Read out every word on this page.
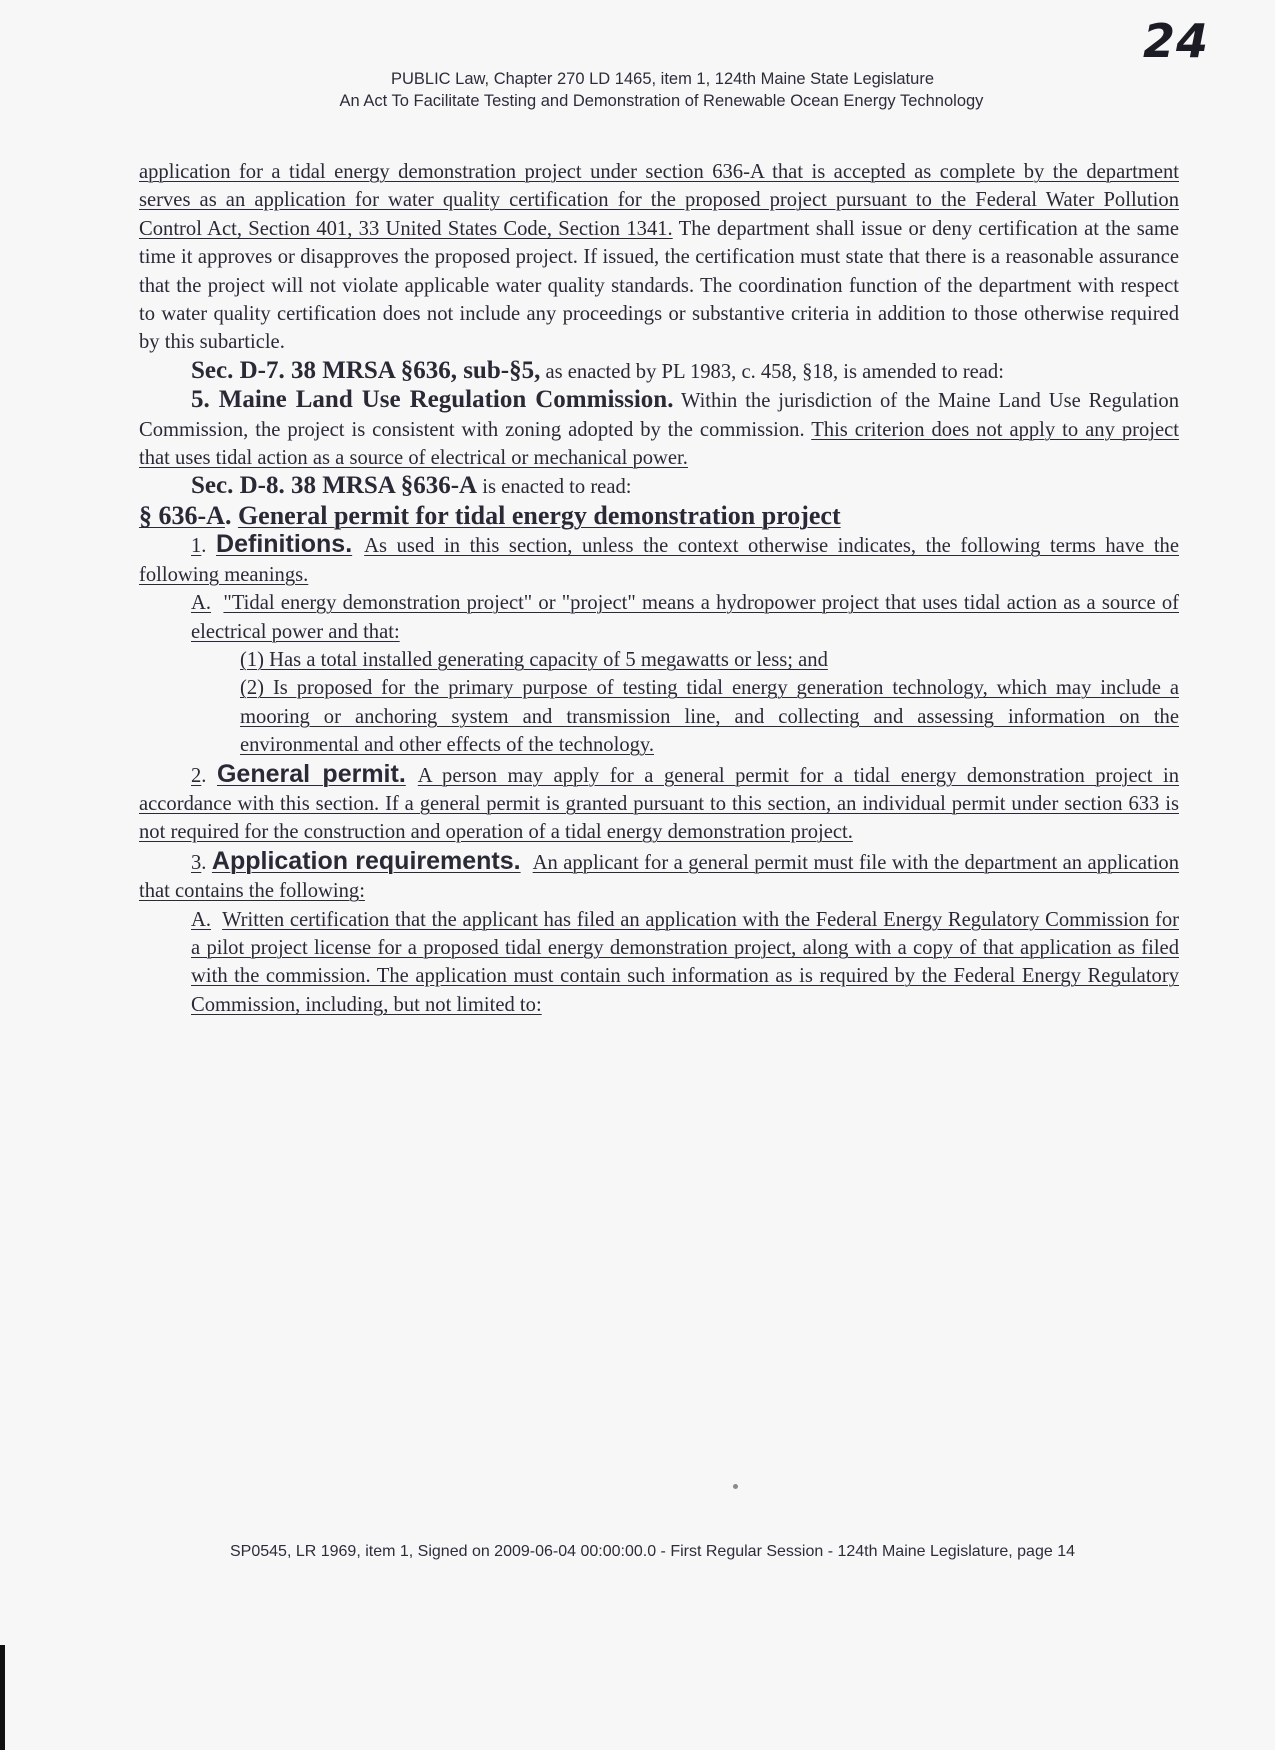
24
PUBLIC Law, Chapter 270 LD 1465, item 1, 124th Maine State Legislature
An Act To Facilitate Testing and Demonstration of Renewable Ocean Energy Technology

application for a tidal energy demonstration project under section 636-A that is accepted as complete by the department serves as an application for water quality certification for the proposed project pursuant to the Federal Water Pollution Control Act, Section 401, 33 United States Code, Section 1341. The department shall issue or deny certification at the same time it approves or disapproves the proposed project. If issued, the certification must state that there is a reasonable assurance that the project will not violate applicable water quality standards. The coordination function of the department with respect to water quality certification does not include any proceedings or substantive criteria in addition to those otherwise required by this subarticle.

Sec. D-7. 38 MRSA §636, sub-§5, as enacted by PL 1983, c. 458, §18, is amended to read:

5. Maine Land Use Regulation Commission. Within the jurisdiction of the Maine Land Use Regulation Commission, the project is consistent with zoning adopted by the commission. This criterion does not apply to any project that uses tidal action as a source of electrical or mechanical power.

Sec. D-8. 38 MRSA §636-A is enacted to read:

§ 636-A. General permit for tidal energy demonstration project

1. Definitions. As used in this section, unless the context otherwise indicates, the following terms have the following meanings.

A. "Tidal energy demonstration project" or "project" means a hydropower project that uses tidal action as a source of electrical power and that:

(1) Has a total installed generating capacity of 5 megawatts or less; and

(2) Is proposed for the primary purpose of testing tidal energy generation technology, which may include a mooring or anchoring system and transmission line, and collecting and assessing information on the environmental and other effects of the technology.

2. General permit. A person may apply for a general permit for a tidal energy demonstration project in accordance with this section. If a general permit is granted pursuant to this section, an individual permit under section 633 is not required for the construction and operation of a tidal energy demonstration project.

3. Application requirements. An applicant for a general permit must file with the department an application that contains the following:

A. Written certification that the applicant has filed an application with the Federal Energy Regulatory Commission for a pilot project license for a proposed tidal energy demonstration project, along with a copy of that application as filed with the commission. The application must contain such information as is required by the Federal Energy Regulatory Commission, including, but not limited to:

SP0545, LR 1969, item 1, Signed on 2009-06-04 00:00:00.0 - First Regular Session - 124th Maine Legislature, page 14
